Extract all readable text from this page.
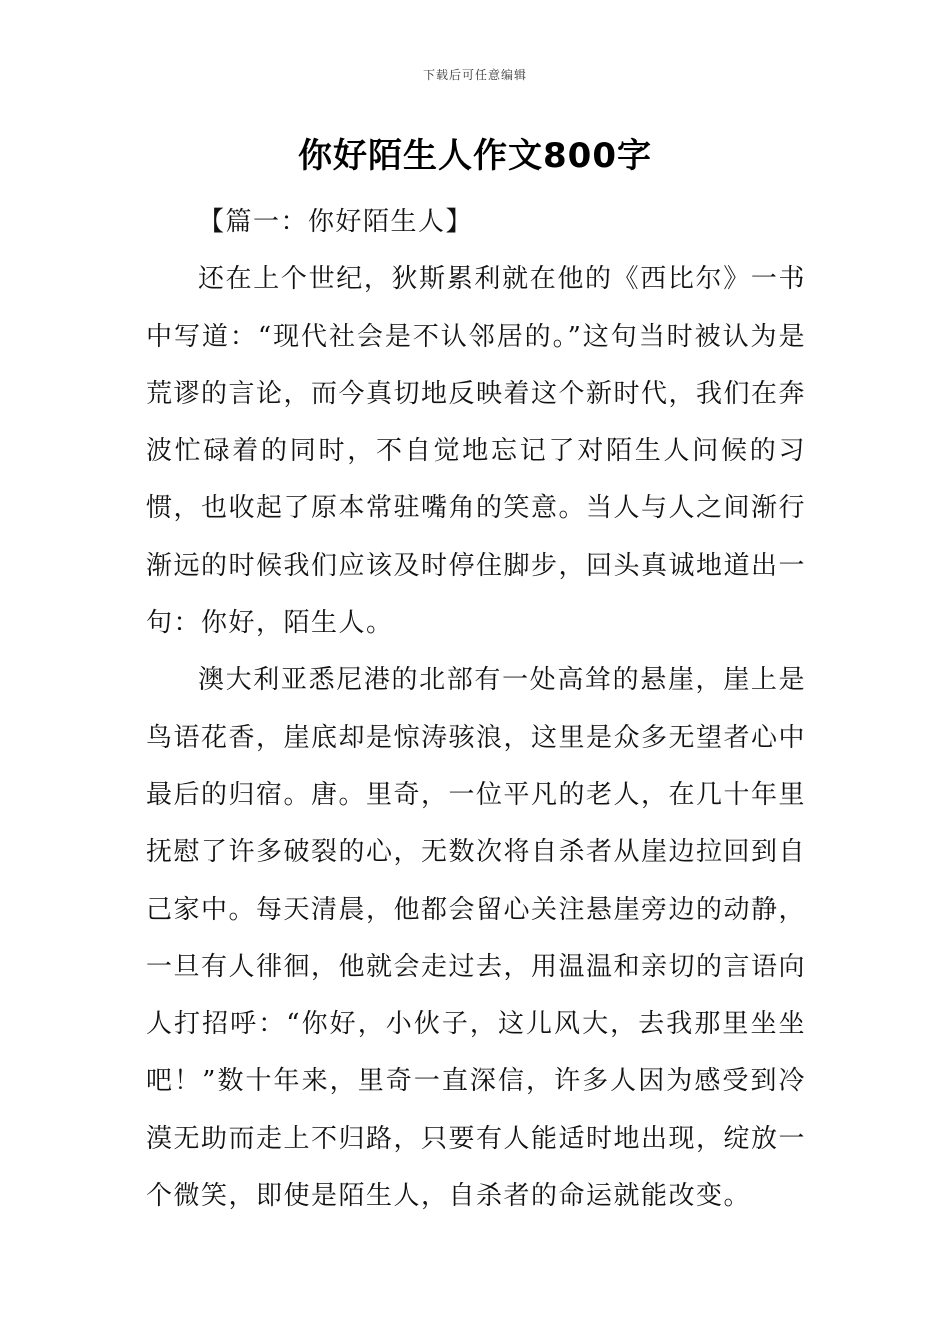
下载后可任意编辑
你好陌生人作文800字

【篇一：你好陌生人】

还在上个世纪，狄斯累利就在他的《西比尔》一书中写道：“现代社会是不认邻居的。”这句当时被认为是荒谬的言论，而今真切地反映着这个新时代，我们在奔波忙碌着的同时，不自觉地忘记了对陌生人问候的习惯，也收起了原本常驻嘴角的笑意。当人与人之间渐行渐远的时候我们应该及时停住脚步，回头真诚地道出一句：你好，陌生人。

澳大利亚悉尼港的北部有一处高耸的悬崖，崖上是鸟语花香，崖底却是惊涛骇浪，这里是众多无望者心中最后的归宿。唐。里奇，一位平凡的老人，在几十年里抚慰了许多破裂的心，无数次将自杀者从崖边拉回到自己家中。每天清晨，他都会留心关注悬崖旁边的动静，一旦有人徘徊，他就会走过去，用温温和亲切的言语向人打招呼：“你好，小伙子，这儿风大，去我那里坐坐吧！”数十年来，里奇一直深信，许多人因为感受到冷漠无助而走上不归路，只要有人能适时地出现，绽放一个微笑，即使是陌生人，自杀者的命运就能改变。
